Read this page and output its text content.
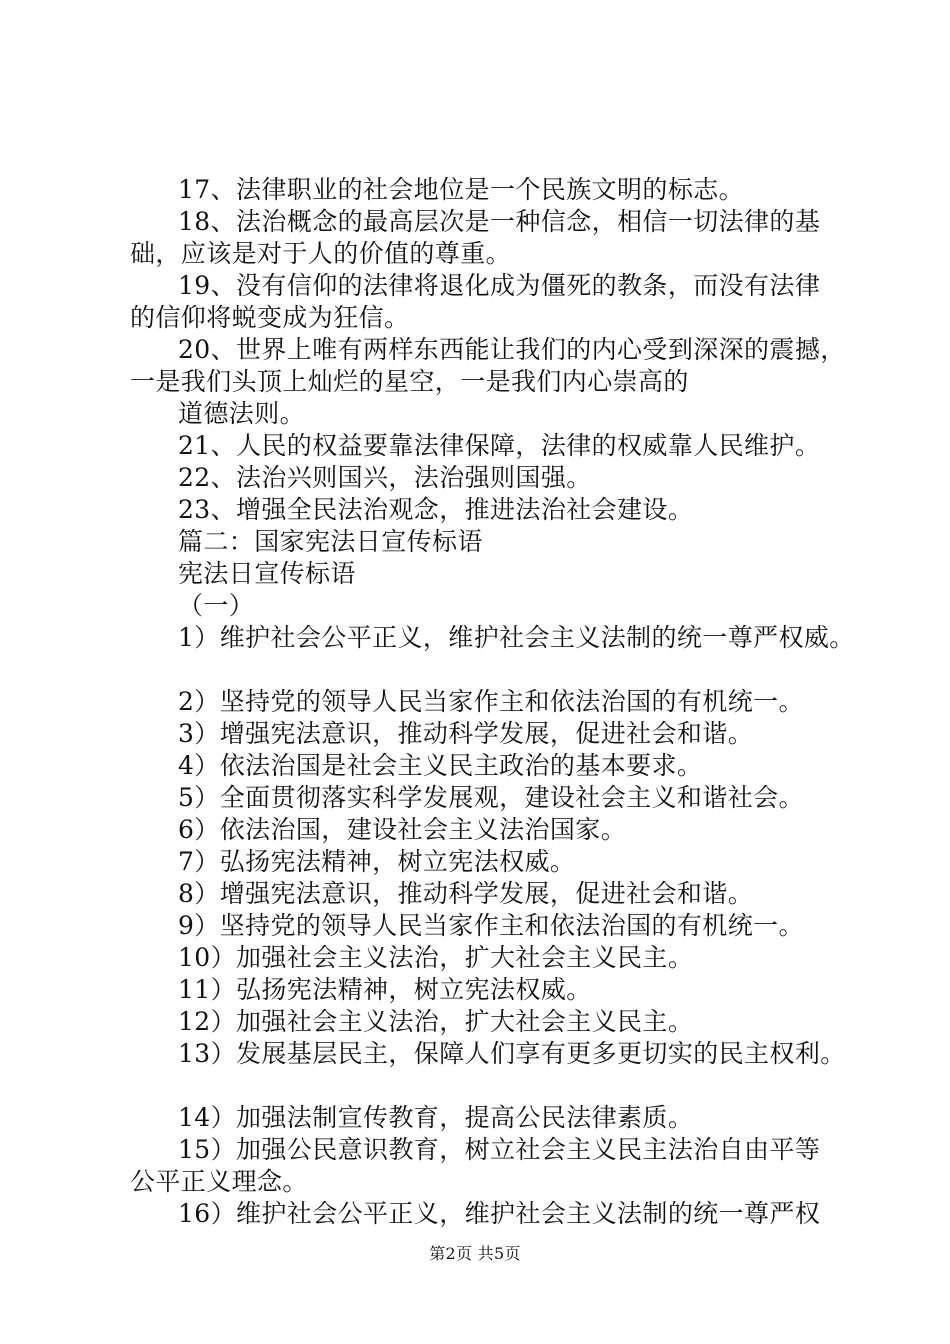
17、法律职业的社会地位是一个民族文明的标志。
18、法治概念的最高层次是一种信念，相信一切法律的基
础，应该是对于人的价值的尊重。
19、没有信仰的法律将退化成为僵死的教条，而没有法律
的信仰将蜕变成为狂信。
20、世界上唯有两样东西能让我们的内心受到深深的震撼，
一是我们头顶上灿烂的星空，一是我们内心崇高的
道德法则。
21、人民的权益要靠法律保障，法律的权威靠人民维护。
22、法治兴则国兴，法治强则国强。
23、增强全民法治观念，推进法治社会建设。
篇二：国家宪法日宣传标语
宪法日宣传标语
（一）
1）维护社会公平正义，维护社会主义法制的统一尊严权威。
2）坚持党的领导人民当家作主和依法治国的有机统一。
3）增强宪法意识，推动科学发展，促进社会和谐。
4）依法治国是社会主义民主政治的基本要求。
5）全面贯彻落实科学发展观，建设社会主义和谐社会。
6）依法治国，建设社会主义法治国家。
7）弘扬宪法精神，树立宪法权威。
8）增强宪法意识，推动科学发展，促进社会和谐。
9）坚持党的领导人民当家作主和依法治国的有机统一。
10）加强社会主义法治，扩大社会主义民主。
11）弘扬宪法精神，树立宪法权威。
12）加强社会主义法治，扩大社会主义民主。
13）发展基层民主，保障人们享有更多更切实的民主权利。
14）加强法制宣传教育，提高公民法律素质。
15）加强公民意识教育，树立社会主义民主法治自由平等
公平正义理念。
16）维护社会公平正义，维护社会主义法制的统一尊严权
第2页 共5页
